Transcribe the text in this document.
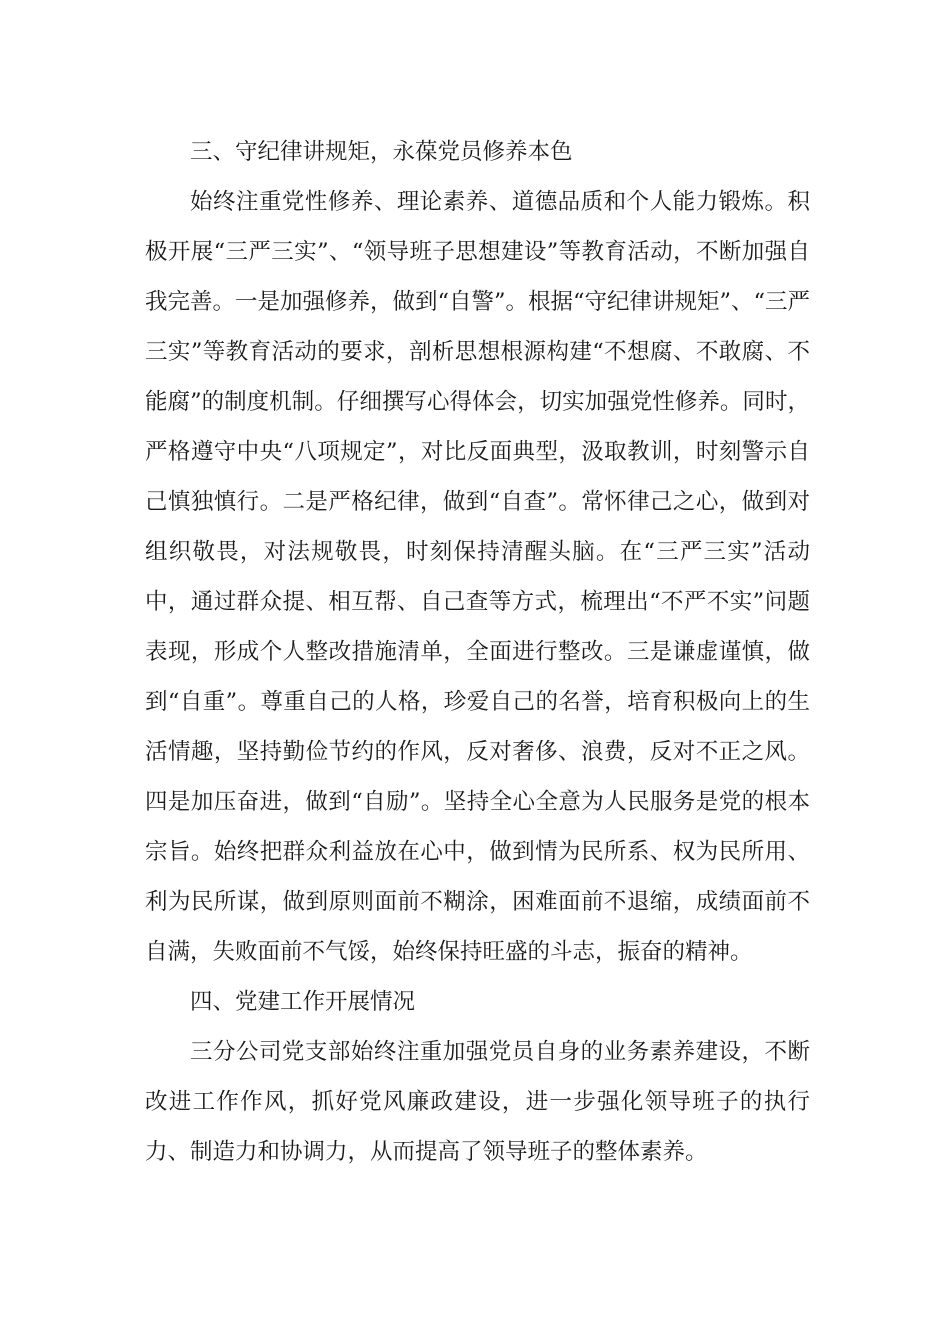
三、守纪律讲规矩，永葆党员修养本色

始终注重党性修养、理论素养、道德品质和个人能力锻炼。积极开展“三严三实”、“领导班子思想建设”等教育活动，不断加强自我完善。一是加强修养，做到“自警”。根据“守纪律讲规矩”、“三严三实”等教育活动的要求，剖析思想根源构建“不想腐、不敢腐、不能腐”的制度机制。仔细撰写心得体会，切实加强党性修养。同时，严格遵守中央“八项规定”，对比反面典型，汲取教训，时刻警示自己慎独慎行。二是严格纪律，做到“自查”。常怀律己之心，做到对组织敬畏，对法规敬畏，时刻保持清醒头脑。在“三严三实”活动中，通过群众提、相互帮、自己查等方式，梳理出“不严不实”问题表现，形成个人整改措施清单，全面进行整改。三是谦虚谨慎，做到“自重”。尊重自己的人格，珍爱自己的名誉，培育积极向上的生活情趣，坚持勤俭节约的作风，反对奢侈、浪费，反对不正之风。四是加压奋进，做到“自励”。坚持全心全意为人民服务是党的根本宗旨。始终把群众利益放在心中，做到情为民所系、权为民所用、利为民所谋，做到原则面前不糊涂，困难面前不退缩，成绩面前不自满，失败面前不气馁，始终保持旺盛的斗志，振奋的精神。

四、党建工作开展情况

三分公司党支部始终注重加强党员自身的业务素养建设，不断改进工作作风，抓好党风廉政建设，进一步强化领导班子的执行力、制造力和协调力，从而提高了领导班子的整体素养。
